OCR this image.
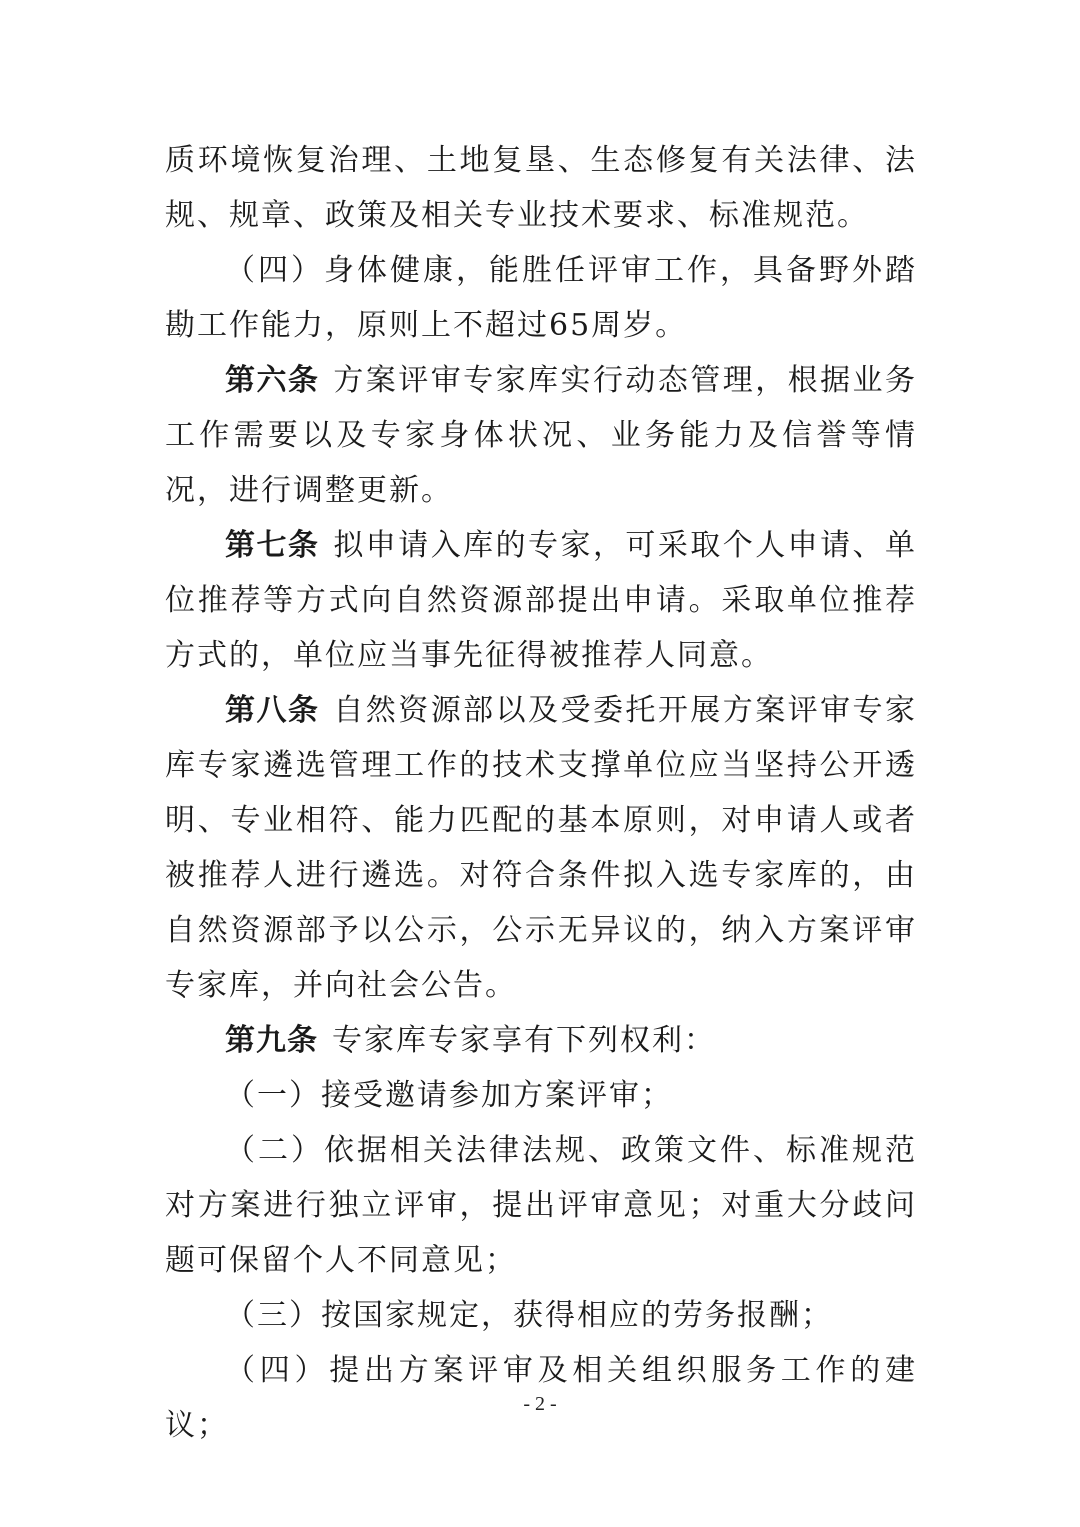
质环境恢复治理、土地复垦、生态修复有关法律、法规、规章、政策及相关专业技术要求、标准规范。

（四）身体健康，能胜任评审工作，具备野外踏勘工作能力，原则上不超过65周岁。

第六条 方案评审专家库实行动态管理，根据业务工作需要以及专家身体状况、业务能力及信誉等情况，进行调整更新。

第七条 拟申请入库的专家，可采取个人申请、单位推荐等方式向自然资源部提出申请。采取单位推荐方式的，单位应当事先征得被推荐人同意。

第八条 自然资源部以及受委托开展方案评审专家库专家遴选管理工作的技术支撑单位应当坚持公开透明、专业相符、能力匹配的基本原则，对申请人或者被推荐人进行遴选。对符合条件拟入选专家库的，由自然资源部予以公示，公示无异议的，纳入方案评审专家库，并向社会公告。

第九条 专家库专家享有下列权利：

（一）接受邀请参加方案评审；

（二）依据相关法律法规、政策文件、标准规范对方案进行独立评审，提出评审意见；对重大分歧问题可保留个人不同意见；

（三）按国家规定，获得相应的劳务报酬；

（四）提出方案评审及相关组织服务工作的建议；

- 2 -
